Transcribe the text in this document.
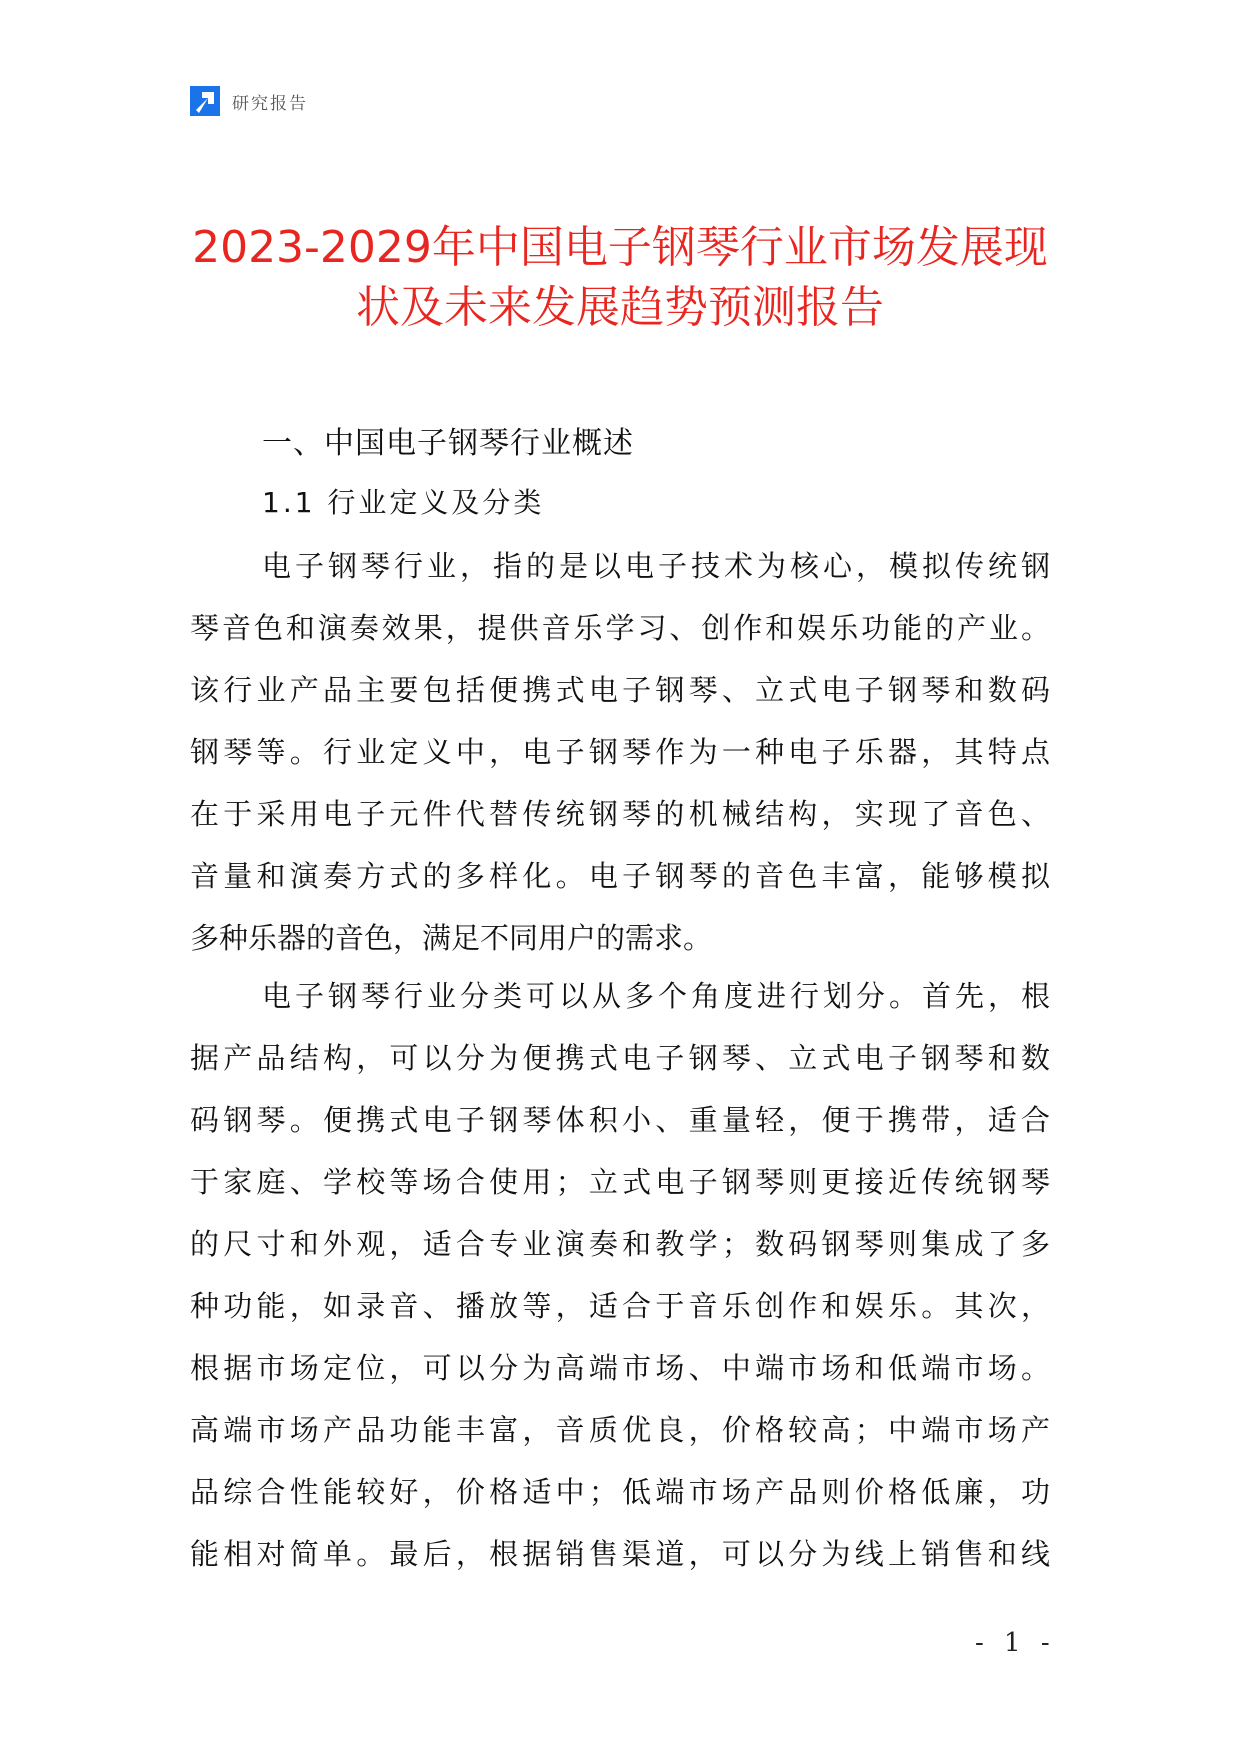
研究报告
2023-2029年中国电子钢琴行业市场发展现
状及未来发展趋势预测报告
一、中国电子钢琴行业概述
1.1 行业定义及分类
电子钢琴行业，指的是以电子技术为核心，模拟传统钢
琴音色和演奏效果，提供音乐学习、创作和娱乐功能的产业。
该行业产品主要包括便携式电子钢琴、立式电子钢琴和数码
钢琴等。行业定义中，电子钢琴作为一种电子乐器，其特点
在于采用电子元件代替传统钢琴的机械结构，实现了音色、
音量和演奏方式的多样化。电子钢琴的音色丰富，能够模拟
多种乐器的音色，满足不同用户的需求。
电子钢琴行业分类可以从多个角度进行划分。首先，根
据产品结构，可以分为便携式电子钢琴、立式电子钢琴和数
码钢琴。便携式电子钢琴体积小、重量轻，便于携带，适合
于家庭、学校等场合使用；立式电子钢琴则更接近传统钢琴
的尺寸和外观，适合专业演奏和教学；数码钢琴则集成了多
种功能，如录音、播放等，适合于音乐创作和娱乐。其次，
根据市场定位，可以分为高端市场、中端市场和低端市场。
高端市场产品功能丰富，音质优良，价格较高；中端市场产
品综合性能较好，价格适中；低端市场产品则价格低廉，功
能相对简单。最后，根据销售渠道，可以分为线上销售和线
- 1 -
